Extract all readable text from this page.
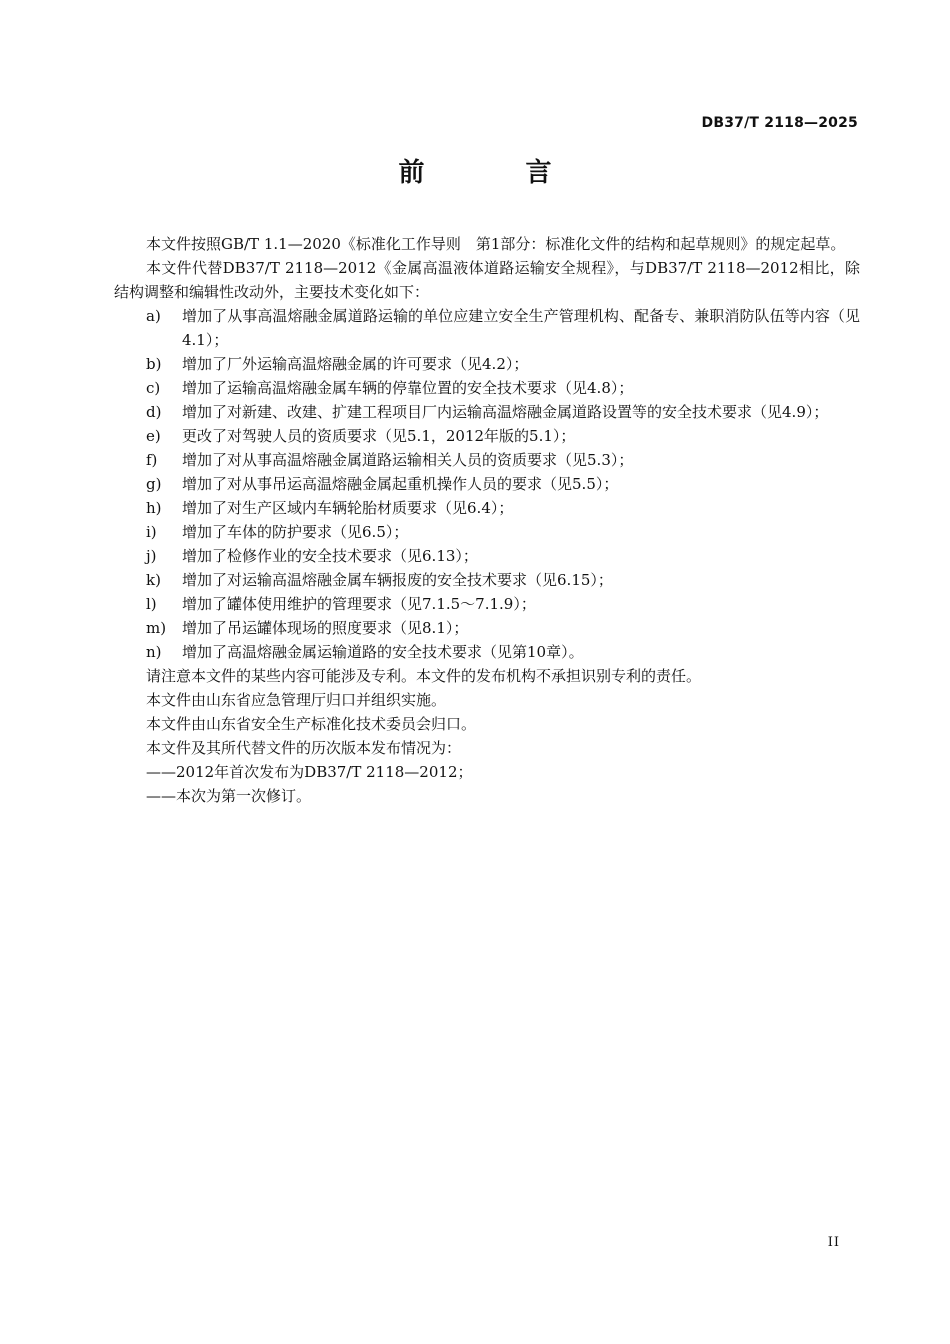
DB37/T 2118—2025
前 言

本文件按照GB/T 1.1—2020《标准化工作导则　第1部分：标准化文件的结构和起草规则》的规定起草。

本文件代替DB37/T 2118—2012《金属高温液体道路运输安全规程》，与DB37/T 2118—2012相比，除结构调整和编辑性改动外，主要技术变化如下：

a) 增加了从事高温熔融金属道路运输的单位应建立安全生产管理机构、配备专、兼职消防队伍等内容（见4.1）；
b) 增加了厂外运输高温熔融金属的许可要求（见4.2）；
c) 增加了运输高温熔融金属车辆的停靠位置的安全技术要求（见4.8）；
d) 增加了对新建、改建、扩建工程项目厂内运输高温熔融金属道路设置等的安全技术要求（见4.9）；
e) 更改了对驾驶人员的资质要求（见5.1，2012年版的5.1）；
f) 增加了对从事高温熔融金属道路运输相关人员的资质要求（见5.3）；
g) 增加了对从事吊运高温熔融金属起重机操作人员的要求（见5.5）；
h) 增加了对生产区域内车辆轮胎材质要求（见6.4）；
i) 增加了车体的防护要求（见6.5）；
j) 增加了检修作业的安全技术要求（见6.13）；
k) 增加了对运输高温熔融金属车辆报废的安全技术要求（见6.15）；
l) 增加了罐体使用维护的管理要求（见7.1.5～7.1.9）；
m) 增加了吊运罐体现场的照度要求（见8.1）；
n) 增加了高温熔融金属运输道路的安全技术要求（见第10章）。

请注意本文件的某些内容可能涉及专利。本文件的发布机构不承担识别专利的责任。

本文件由山东省应急管理厅归口并组织实施。

本文件由山东省安全生产标准化技术委员会归口。

本文件及其所代替文件的历次版本发布情况为：

——2012年首次发布为DB37/T 2118—2012；

——本次为第一次修订。

II
